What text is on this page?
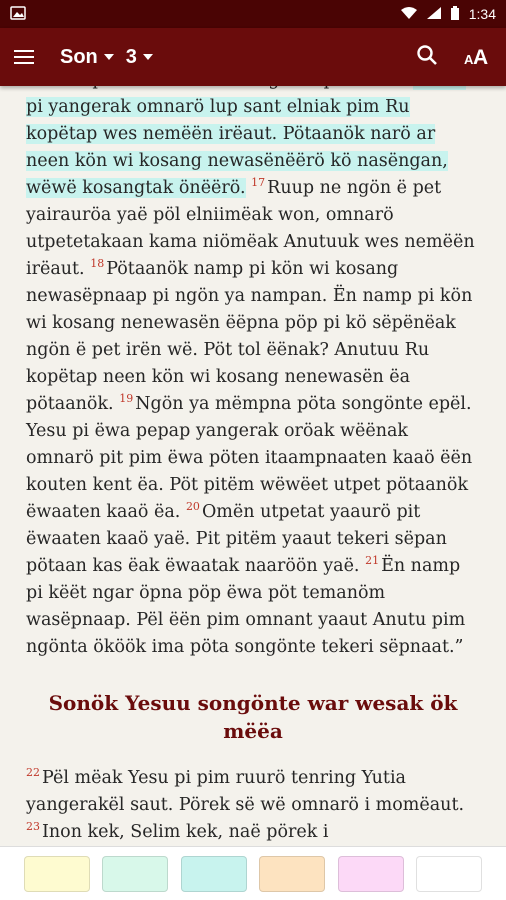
1:34
Son 3	A A

pi yangerak omnarö lup sant elniak pim Ru kopëtap wes nemëën irëaut. Pötaanök narö ar neen kön wi kosang newasënëërö kö nasëngan, wëwë kosangtak önëërö. $^{17}$ Ruup ne ngön ë pet yairauröa yaë pöl elniimëak won, omnarö utpetetakaan kama niömëak Anutuuk wes nemëën irëaut. $^{18}$ Pötaanök namp pi kön wi kosang newasëpnaap pi ngön ya nampan. Ën namp pi kön wi kosang nenewasën ëëpna pöp pi kö sëpënëak ngön ë pet irën wë. Pöt tol ëënak? Anutuu Ru kopëtap neen kön wi kosang nenewasën ëa pötaanök. $^{19}$ Ngön ya mëmpna pöta songönte epël. Yesu pi ëwa pepap yangerak oröak wëënak omnarö pit pim ëwa pöten itaampnaaten kaaö ëën kouten kent ëa. Pöt pitëm wëwëet utpet pötaanök ëwaaten kaaö ëa. $^{20}$ Omën utpetat yaaurö pit ëwaaten kaaö yaë. Pit pitëm yaaut tekeri sëpan pötaan kas ëak ëwaatak naaröön yaë. $^{21}$ Ën namp pi këët ngar öpna pöp ëwa pöt temanöm wasëpnaap. Pël ëën pim omnant yaaut Anutu pim ngönta ököök ima pöta songönte tekeri sëpnaat.”

Sonök Yesuu songönte war wesak ök mëëa

$^{22}$ Pël mëak Yesu pi pim ruurö tenring Yutia yangerakël saut. Pörek së wë omnarö i momëaut. $^{23}$ Inon kek, Selim kek, naë pörek i
